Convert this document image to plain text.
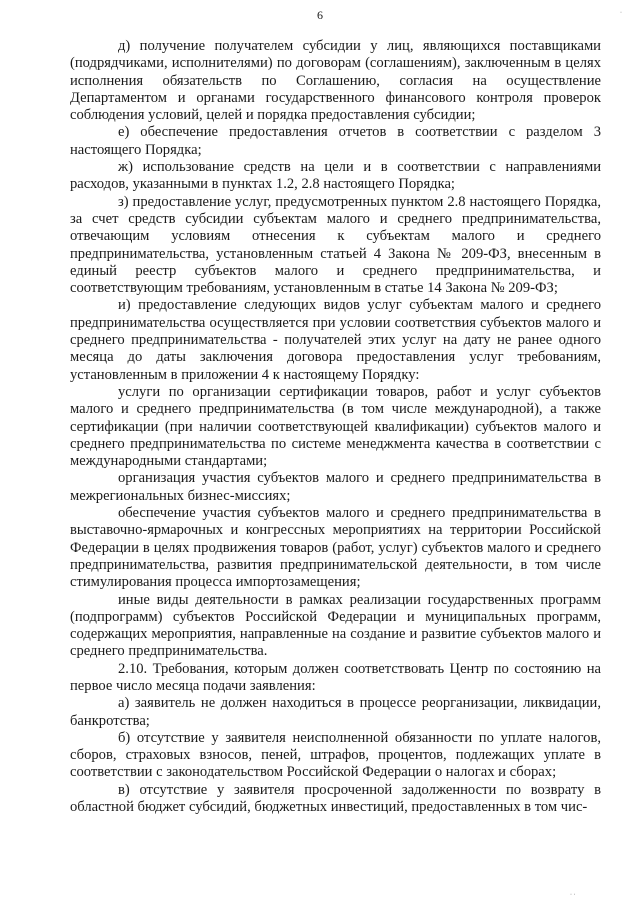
6

д) получение получателем субсидии у лиц, являющихся поставщиками (подрядчиками, исполнителями) по договорам (соглашениям), заключенным в целях исполнения обязательств по Соглашению, согласия на осуществление Департаментом и органами государственного финансового контроля проверок соблюдения условий, целей и порядка предоставления субсидии;

е) обеспечение предоставления отчетов в соответствии с разделом 3 настоящего Порядка;

ж) использование средств на цели и в соответствии с направлениями расходов, указанными в пунктах 1.2, 2.8 настоящего Порядка;

з) предоставление услуг, предусмотренных пунктом 2.8 настоящего Порядка, за счет средств субсидии субъектам малого и среднего предпринимательства, отвечающим условиям отнесения к субъектам малого и среднего предпринимательства, установленным статьей 4 Закона № 209-ФЗ, внесенным в единый реестр субъектов малого и среднего предпринимательства, и соответствующим требованиям, установленным в статье 14 Закона № 209-ФЗ;

и) предоставление следующих видов услуг субъектам малого и среднего предпринимательства осуществляется при условии соответствия субъектов малого и среднего предпринимательства - получателей этих услуг на дату не ранее одного месяца до даты заключения договора предоставления услуг требованиям, установленным в приложении 4 к настоящему Порядку:

услуги по организации сертификации товаров, работ и услуг субъектов малого и среднего предпринимательства (в том числе международной), а также сертификации (при наличии соответствующей квалификации) субъектов малого и среднего предпринимательства по системе менеджмента качества в соответствии с международными стандартами;

организация участия субъектов малого и среднего предпринимательства в межрегиональных бизнес-миссиях;

обеспечение участия субъектов малого и среднего предпринимательства в выставочно-ярмарочных и конгрессных мероприятиях на территории Российской Федерации в целях продвижения товаров (работ, услуг) субъектов малого и среднего предпринимательства, развития предпринимательской деятельности, в том числе стимулирования процесса импортозамещения;

иные виды деятельности в рамках реализации государственных программ (подпрограмм) субъектов Российской Федерации и муниципальных программ, содержащих мероприятия, направленные на создание и развитие субъектов малого и среднего предпринимательства.

2.10. Требования, которым должен соответствовать Центр по состоянию на первое число месяца подачи заявления:

а) заявитель не должен находиться в процессе реорганизации, ликвидации, банкротства;

б) отсутствие у заявителя неисполненной обязанности по уплате налогов, сборов, страховых взносов, пеней, штрафов, процентов, подлежащих уплате в соответствии с законодательством Российской Федерации о налогах и сборах;

в) отсутствие у заявителя просроченной задолженности по возврату в областной бюджет субсидий, бюджетных инвестиций, предоставленных в том чис-

· ·
·
